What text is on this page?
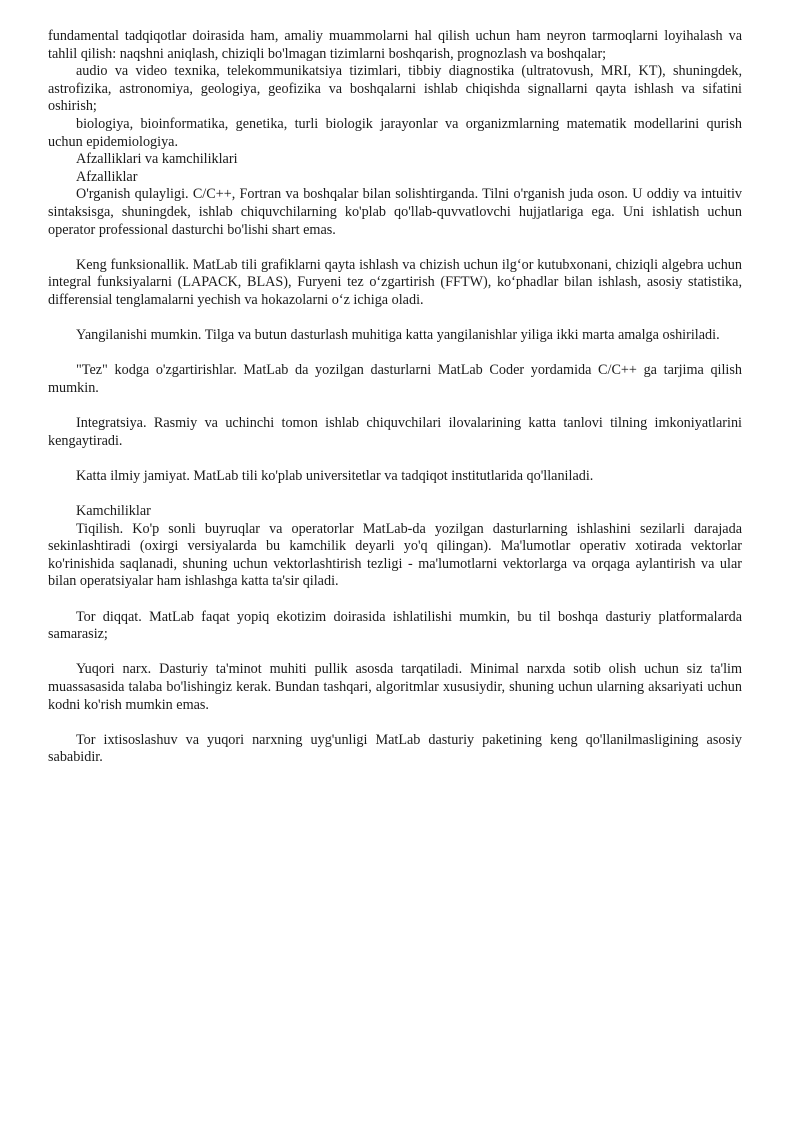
fundamental tadqiqotlar doirasida ham, amaliy muammolarni hal qilish uchun ham neyron tarmoqlarni loyihalash va tahlil qilish: naqshni aniqlash, chiziqli bo'lmagan tizimlarni boshqarish, prognozlash va boshqalar;

audio va video texnika, telekommunikatsiya tizimlari, tibbiy diagnostika (ultratovush, MRI, KT), shuningdek, astrofizika, astronomiya, geologiya, geofizika va boshqalarni ishlab chiqishda signallarni qayta ishlash va sifatini oshirish;

biologiya, bioinformatika, genetika, turli biologik jarayonlar va organizmlarning matematik modellarini qurish uchun epidemiologiya.

Afzalliklari va kamchiliklari

Afzalliklar

O'rganish qulayligi. C/C++, Fortran va boshqalar bilan solishtirganda. Tilni o'rganish juda oson. U oddiy va intuitiv sintaksisga, shuningdek, ishlab chiquvchilarning ko'plab qo'llab-quvvatlovchi hujjatlariga ega. Uni ishlatish uchun operator professional dasturchi bo'lishi shart emas.

Keng funksionallik. MatLab tili grafiklarni qayta ishlash va chizish uchun ilg‘or kutubxonani, chiziqli algebra uchun integral funksiyalarni (LAPACK, BLAS), Furyeni tez o‘zgartirish (FFTW), ko‘phadlar bilan ishlash, asosiy statistika, differensial tenglamalarni yechish va hokazolarni o‘z ichiga oladi.

Yangilanishi mumkin. Tilga va butun dasturlash muhitiga katta yangilanishlar yiliga ikki marta amalga oshiriladi.

"Tez" kodga o'zgartirishlar. MatLab da yozilgan dasturlarni MatLab Coder yordamida C/C++ ga tarjima qilish mumkin.

Integratsiya. Rasmiy va uchinchi tomon ishlab chiquvchilari ilovalarining katta tanlovi tilning imkoniyatlarini kengaytiradi.

Katta ilmiy jamiyat. MatLab tili ko'plab universitetlar va tadqiqot institutlarida qo'llaniladi.

Kamchiliklar

Tiqilish. Ko'p sonli buyruqlar va operatorlar MatLab-da yozilgan dasturlarning ishlashini sezilarli darajada sekinlashtiradi (oxirgi versiyalarda bu kamchilik deyarli yo'q qilingan). Ma'lumotlar operativ xotirada vektorlar ko'rinishida saqlanadi, shuning uchun vektorlashtirish tezligi - ma'lumotlarni vektorlarga va orqaga aylantirish va ular bilan operatsiyalar ham ishlashga katta ta'sir qiladi.

Tor diqqat. MatLab faqat yopiq ekotizim doirasida ishlatilishi mumkin, bu til boshqa dasturiy platformalarda samarasiz;

Yuqori narx. Dasturiy ta'minot muhiti pullik asosda tarqatiladi. Minimal narxda sotib olish uchun siz ta'lim muassasasida talaba bo'lishingiz kerak. Bundan tashqari, algoritmlar xususiydir, shuning uchun ularning aksariyati uchun kodni ko'rish mumkin emas.

Tor ixtisoslashuv va yuqori narxning uyg'unligi MatLab dasturiy paketining keng qo'llanilmasligining asosiy sababidir.
